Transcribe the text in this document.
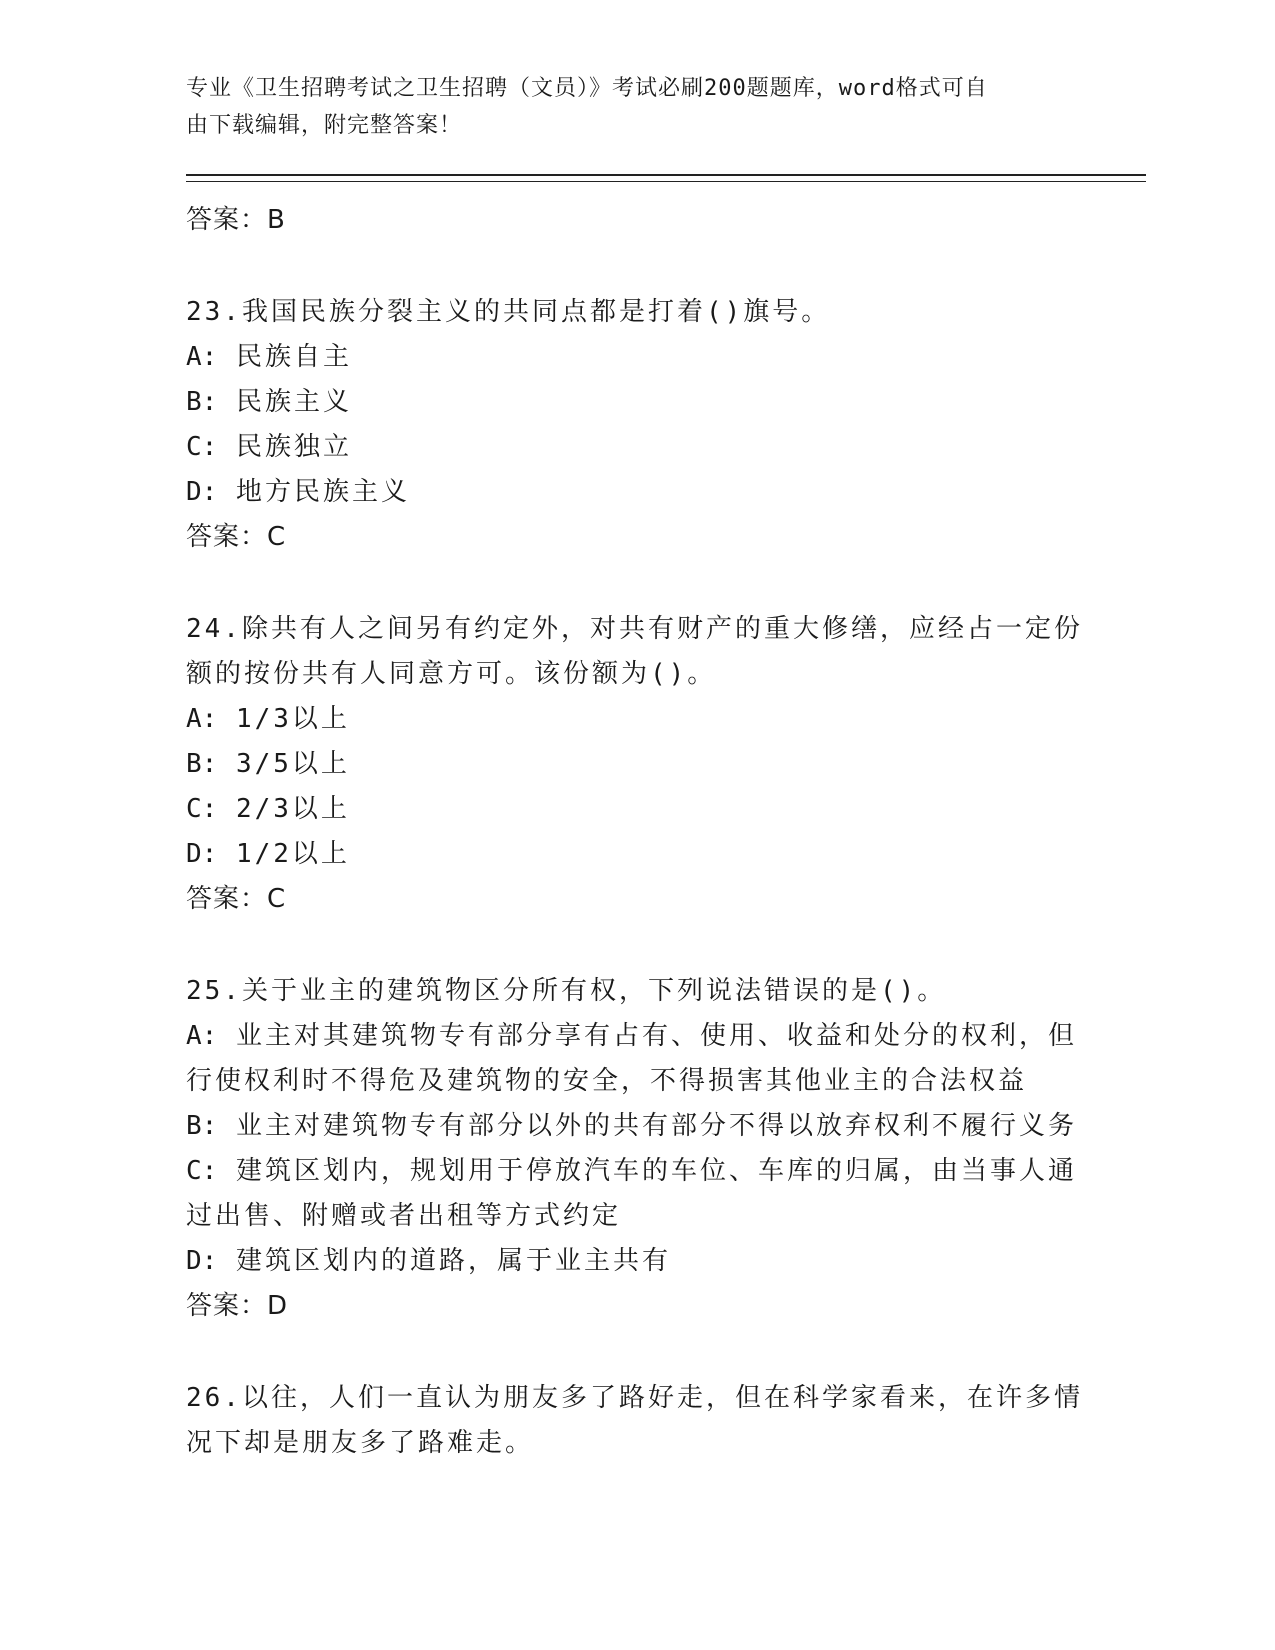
专业《卫生招聘考试之卫生招聘（文员）》考试必刷200题题库，word格式可自
由下载编辑，附完整答案！

答案：B

23.我国民族分裂主义的共同点都是打着()旗号。

A: 民族自主

B: 民族主义

C: 民族独立

D: 地方民族主义

答案：C

24.除共有人之间另有约定外，对共有财产的重大修缮，应经占一定份

额的按份共有人同意方可。该份额为()。

A: 1/3以上

B: 3/5以上

C: 2/3以上

D: 1/2以上

答案：C

25.关于业主的建筑物区分所有权，下列说法错误的是()。

A: 业主对其建筑物专有部分享有占有、使用、收益和处分的权利，但

行使权利时不得危及建筑物的安全，不得损害其他业主的合法权益

B: 业主对建筑物专有部分以外的共有部分不得以放弃权利不履行义务

C: 建筑区划内，规划用于停放汽车的车位、车库的归属，由当事人通

过出售、附赠或者出租等方式约定

D: 建筑区划内的道路，属于业主共有

答案：D

26.以往，人们一直认为朋友多了路好走，但在科学家看来，在许多情

况下却是朋友多了路难走。
